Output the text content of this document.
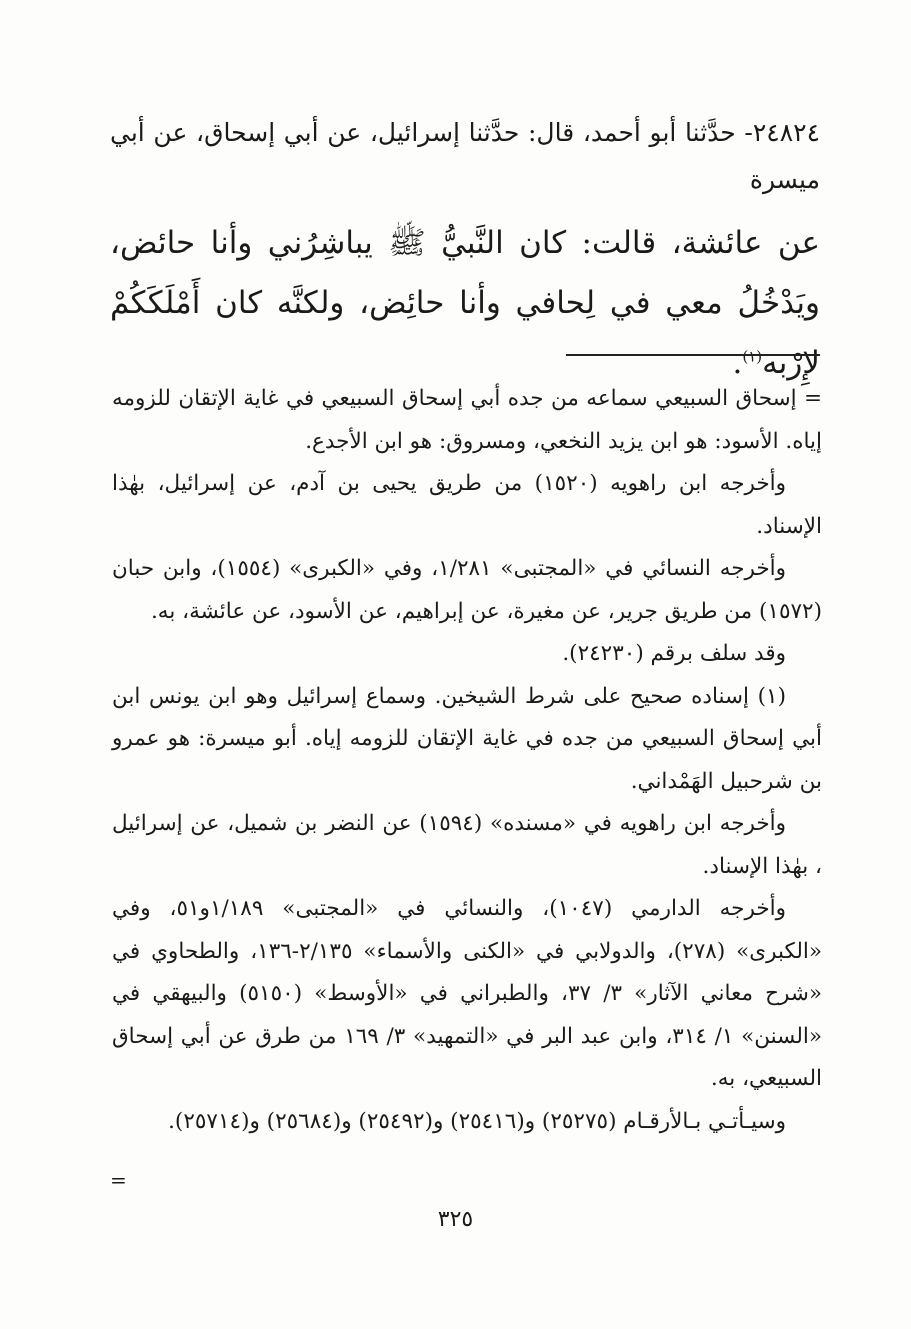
٢٤٨٢٤- حدَّثنا أبو أحمد، قال: حدَّثنا إسرائيل، عن أبي إسحاق، عن أبي ميسرة

عن عائشة، قالت: كان النَّبيُّ ﷺ يباشِرُني وأنا حائض، ويَدْخُلُ معي في لِحافي وأنا حائِض، ولكنَّه كان أَمْلَكَكُمْ لإِرْبه$^{(١)}$.

= إسحاق السبيعي سماعه من جده أبي إسحاق السبيعي في غاية الإتقان للزومه إياه. الأسود: هو ابن يزيد النخعي، ومسروق: هو ابن الأجدع.

وأخرجه ابن راهويه (١٥٢٠) من طريق يحيى بن آدم، عن إسرائيل، بهٰذا الإسناد.

وأخرجه النسائي في «المجتبى» ١/٢٨١، وفي «الكبرى» (١٥٥٤)، وابن حبان (١٥٧٢) من طريق جرير، عن مغيرة، عن إبراهيم، عن الأسود، عن عائشة، به.

وقد سلف برقم (٢٤٢٣٠).

(١) إسناده صحيح على شرط الشيخين. وسماع إسرائيل وهو ابن يونس ابن أبي إسحاق السبيعي من جده في غاية الإتقان للزومه إياه. أبو ميسرة: هو عمرو بن شرحبيل الهَمْداني.

وأخرجه ابن راهويه في «مسنده» (١٥٩٤) عن النضر بن شميل، عن إسرائيل ، بهٰذا الإسناد.

وأخرجه الدارمي (١٠٤٧)، والنسائي في «المجتبى» ١/١٨٩و٥١، وفي «الكبرى» (٢٧٨)، والدولابي في «الكنى والأسماء» ٢/١٣٥-١٣٦، والطحاوي في «شرح معاني الآثار» ٣/ ٣٧، والطبراني في «الأوسط» (٥١٥٠) والبيهقي في «السنن» ١/ ٣١٤، وابن عبد البر في «التمهيد» ٣/ ١٦٩ من طرق عن أبي إسحاق السبيعي، به.

وسيـأتـي بـالأرقـام (٢٥٢٧٥) و(٢٥٤١٦) و(٢٥٤٩٢) و(٢٥٦٨٤) و(٢٥٧١٤).

=
٣٢٥
